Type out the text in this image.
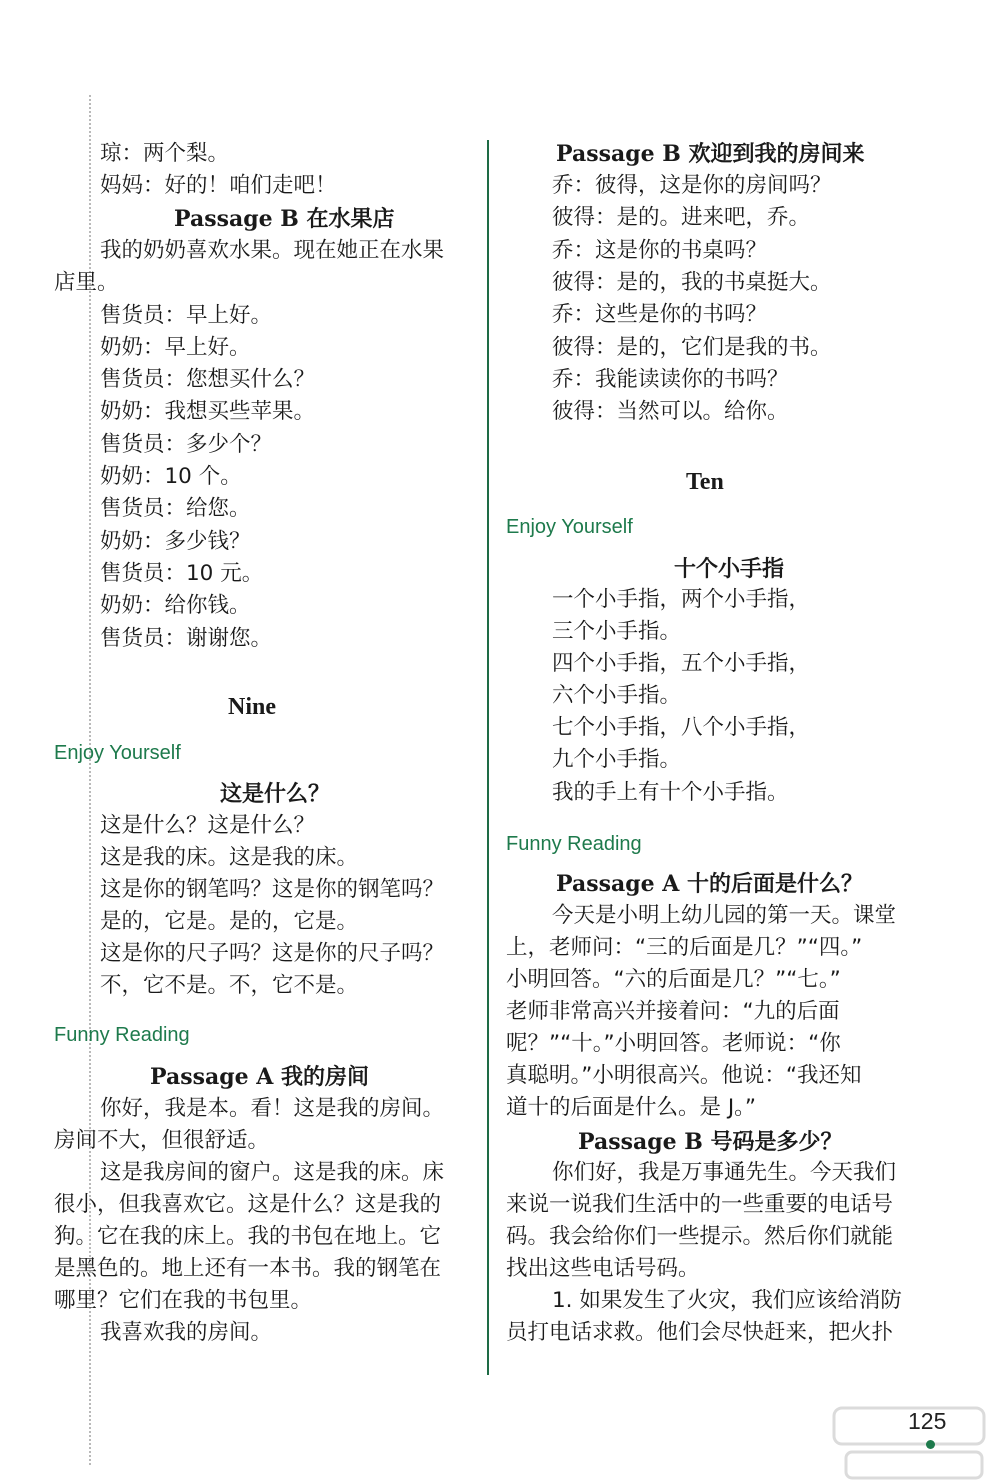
琼：两个梨。
妈妈：好的！咱们走吧！
Passage B 在水果店
我的奶奶喜欢水果。现在她正在水果
店里。
售货员：早上好。
奶奶：早上好。
售货员：您想买什么？
奶奶：我想买些苹果。
售货员：多少个？
奶奶：10 个。
售货员：给您。
奶奶：多少钱？
售货员：10 元。
奶奶：给你钱。
售货员：谢谢您。
Nine
Enjoy Yourself
这是什么？
这是什么？这是什么？
这是我的床。这是我的床。
这是你的钢笔吗？这是你的钢笔吗？
是的，它是。是的，它是。
这是你的尺子吗？这是你的尺子吗？
不，它不是。不，它不是。
Funny Reading
Passage A 我的房间
你好，我是本。看！这是我的房间。
房间不大，但很舒适。
这是我房间的窗户。这是我的床。床
很小，但我喜欢它。这是什么？这是我的
狗。它在我的床上。我的书包在地上。它
是黑色的。地上还有一本书。我的钢笔在
哪里？它们在我的书包里。
我喜欢我的房间。
Passage B 欢迎到我的房间来
乔：彼得，这是你的房间吗？
彼得：是的。进来吧，乔。
乔：这是你的书桌吗？
彼得：是的，我的书桌挺大。
乔：这些是你的书吗？
彼得：是的，它们是我的书。
乔：我能读读你的书吗？
彼得：当然可以。给你。
Ten
Enjoy Yourself
十个小手指
一个小手指，两个小手指，
三个小手指。
四个小手指，五个小手指，
六个小手指。
七个小手指，八个小手指，
九个小手指。
我的手上有十个小手指。
Funny Reading
Passage A 十的后面是什么？
今天是小明上幼儿园的第一天。课堂
上，老师问：“三的后面是几？”“四。”
小明回答。“六的后面是几？”“七。”
老师非常高兴并接着问：“九的后面
呢？”“十。”小明回答。老师说：“你
真聪明。”小明很高兴。他说：“我还知
道十的后面是什么。是 J。”
Passage B 号码是多少？
你们好，我是万事通先生。今天我们
来说一说我们生活中的一些重要的电话号
码。我会给你们一些提示。然后你们就能
找出这些电话号码。
1. 如果发生了火灾，我们应该给消防
员打电话求救。他们会尽快赶来，把火扑
125
